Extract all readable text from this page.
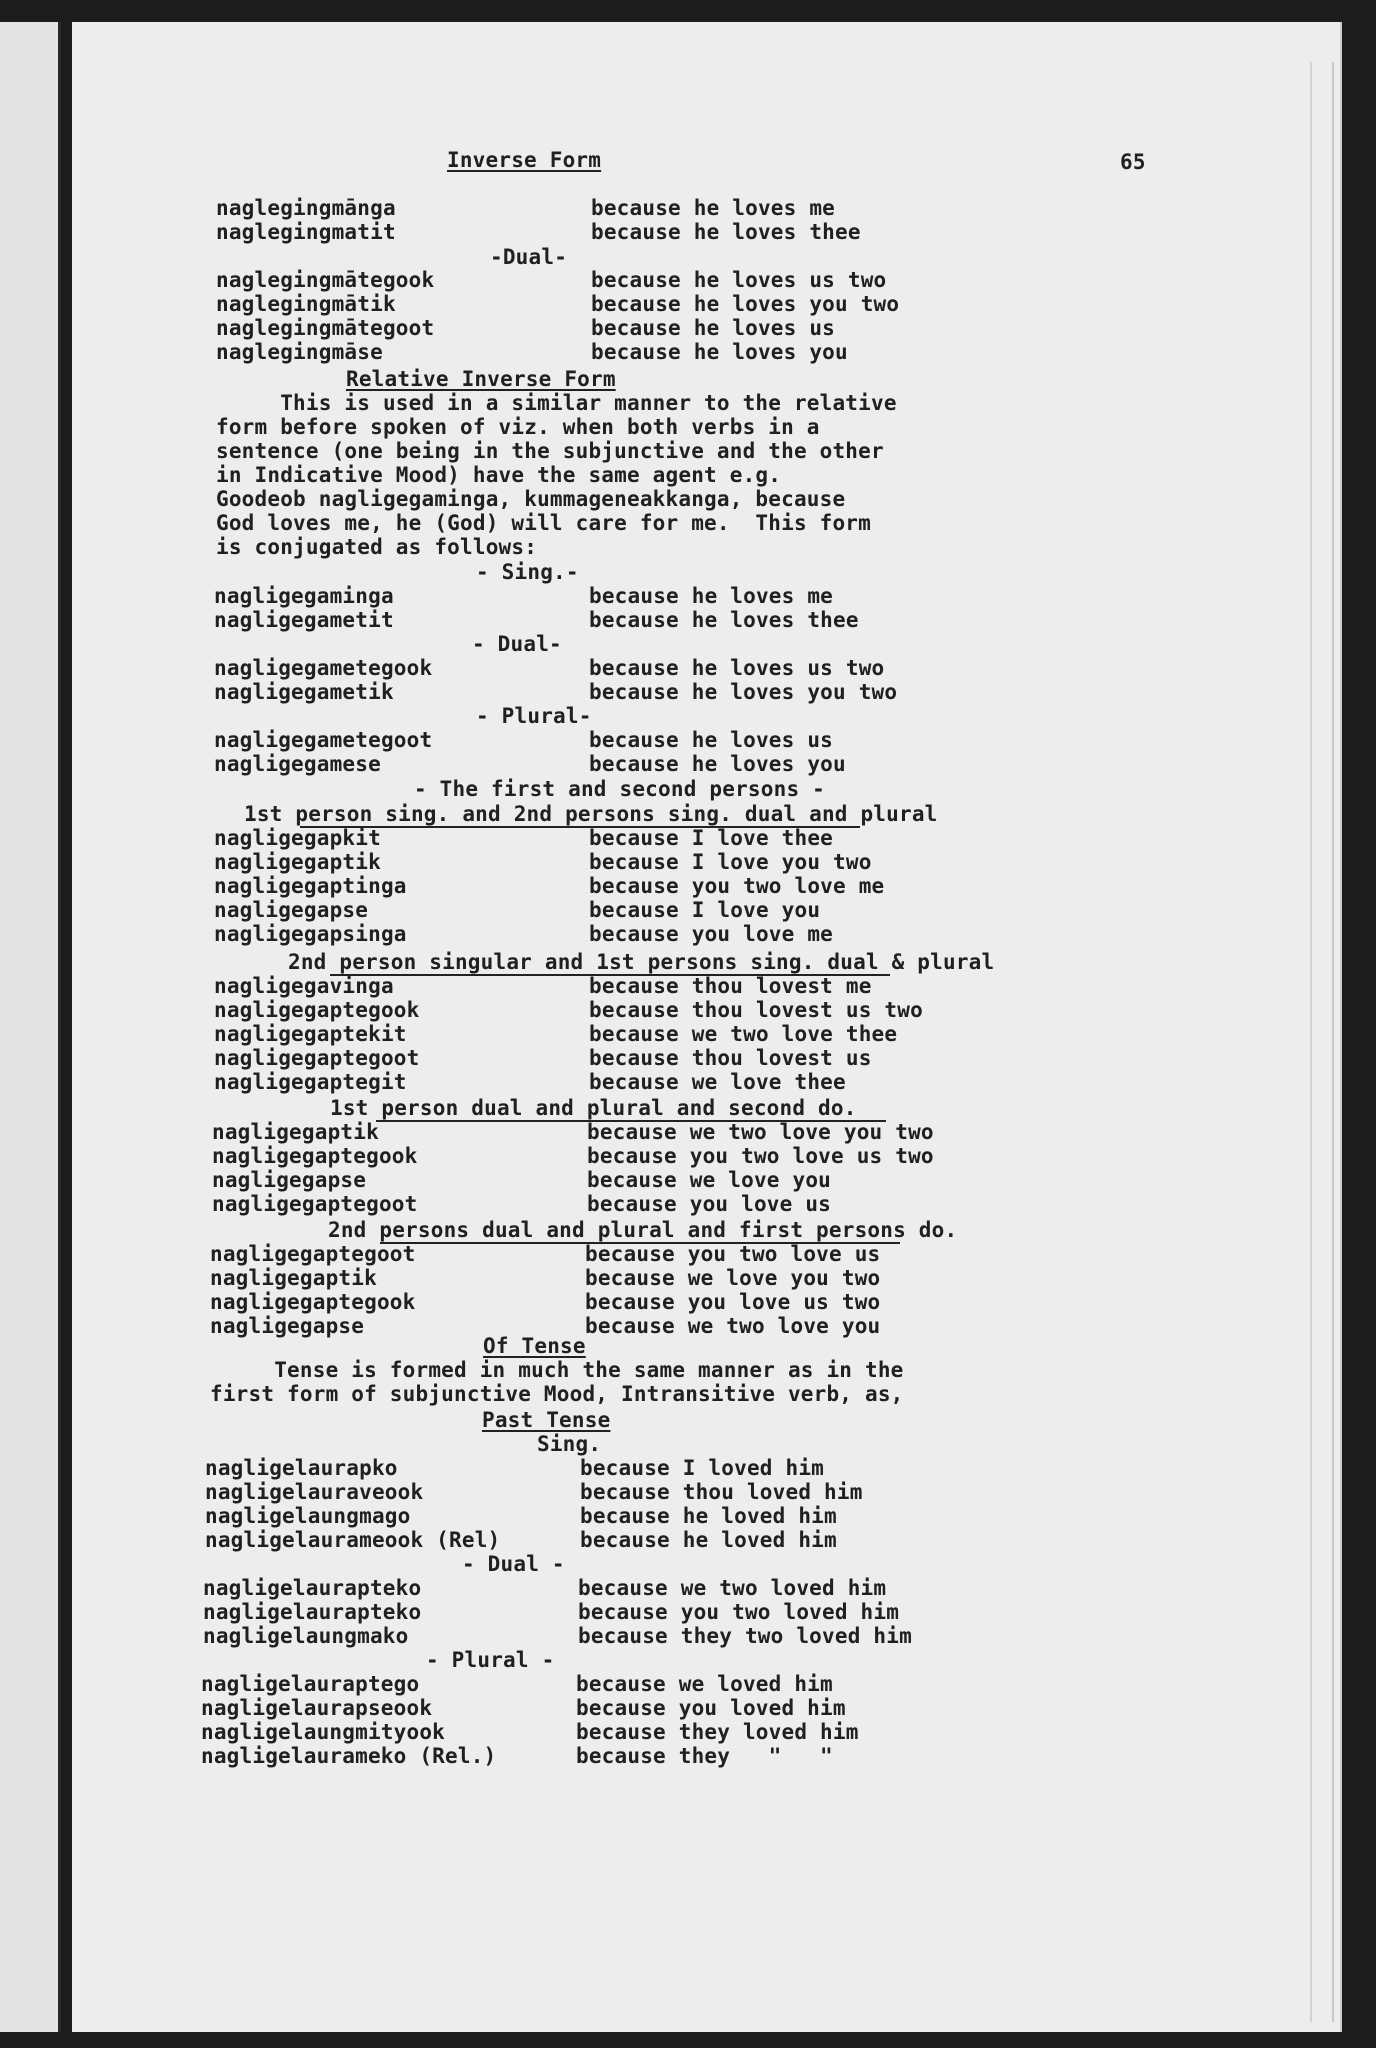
Inverse Form	65
naglegingmānga	because he loves me
naglegingmatit	because he loves thee
-Dual-
naglegingmātegook	because he loves us two
naglegingmātik	because he loves you two
naglegingmātegoot	because he loves us
naglegingmāse	because he loves you
Relative Inverse Form
This is used in a similar manner to the relative
form before spoken of viz. when both verbs in a
sentence (one being in the subjunctive and the other
in Indicative Mood) have the same agent e.g.
Goodeob nagligegaminga, kummageneakkanga, because
God loves me, he (God) will care for me.  This form
is conjugated as follows:
- Sing.-
nagligegaminga	because he loves me
nagligegametit	because he loves thee
- Dual-
nagligegametegook	because he loves us two
nagligegametik	because he loves you two
- Plural-
nagligegametegoot	because he loves us
nagligegamese	because he loves you
- The first and second persons -
1st person sing. and 2nd persons sing. dual and plural
nagligegapkit	because I love thee
nagligegaptik	because I love you two
nagligegaptinga	because you two love me
nagligegapse	because I love you
nagligegapsinga	because you love me
2nd person singular and 1st persons sing. dual & plural
nagligegavinga	because thou lovest me
nagligegaptegook	because thou lovest us two
nagligegaptekit	because we two love thee
nagligegaptegoot	because thou lovest us
nagligegaptegit	because we love thee
1st person dual and plural and second do.
nagligegaptik	because we two love you two
nagligegaptegook	because you two love us two
nagligegapse	because we love you
nagligegaptegoot	because you love us
2nd persons dual and plural and first persons do.
nagligegaptegoot	because you two love us
nagligegaptik	because we love you two
nagligegaptegook	because you love us two
nagligegapse	because we two love you
Of Tense
Tense is formed in much the same manner as in the
first form of subjunctive Mood, Intransitive verb, as,
Past Tense
Sing.
nagligelaurapko	because I loved him
nagligelauraveook	because thou loved him
nagligelaungmago	because he loved him
nagligelaurameook (Rel)	because he loved him
- Dual -
nagligelaurapteko	because we two loved him
nagligelaurapteko	because you two loved him
nagligelaungmako	because they two loved him
- Plural -
nagligelauraptego	because we loved him
nagligelaurapseook	because you loved him
nagligelaungmityook	because they loved him
nagligelaurameko (Rel.)	because they   "   "
